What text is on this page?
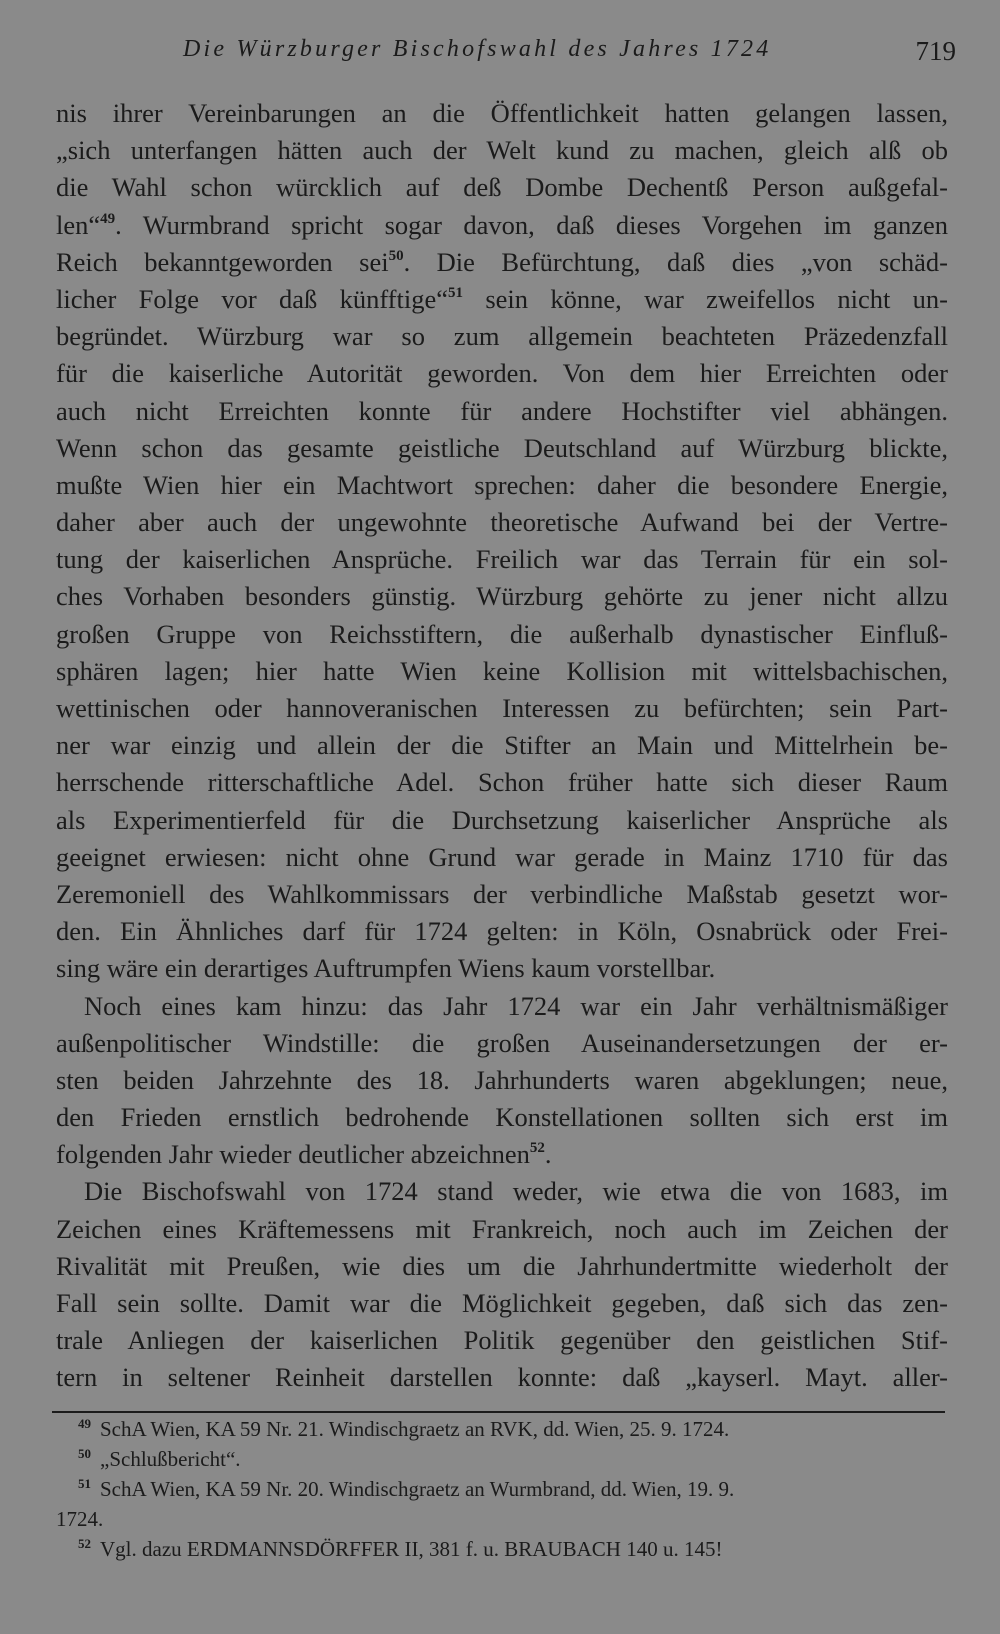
Die Würzburger Bischofswahl des Jahres 1724	719
nis ihrer Vereinbarungen an die Öffentlichkeit hatten gelangen lassen,
„sich unterfangen hätten auch der Welt kund zu machen, gleich alß ob
die Wahl schon würcklich auf deß Dombe Dechentß Person außgefal-
len“$^{49}$. Wurmbrand spricht sogar davon, daß dieses Vorgehen im ganzen
Reich bekanntgeworden sei$^{50}$. Die Befürchtung, daß dies „von schäd-
licher Folge vor daß künfftige“$^{51}$ sein könne, war zweifellos nicht un-
begründet. Würzburg war so zum allgemein beachteten Präzedenzfall
für die kaiserliche Autorität geworden. Von dem hier Erreichten oder
auch nicht Erreichten konnte für andere Hochstifter viel abhängen.
Wenn schon das gesamte geistliche Deutschland auf Würzburg blickte,
mußte Wien hier ein Machtwort sprechen: daher die besondere Energie,
daher aber auch der ungewohnte theoretische Aufwand bei der Vertre-
tung der kaiserlichen Ansprüche. Freilich war das Terrain für ein sol-
ches Vorhaben besonders günstig. Würzburg gehörte zu jener nicht allzu
großen Gruppe von Reichsstiftern, die außerhalb dynastischer Einfluß-
sphären lagen; hier hatte Wien keine Kollision mit wittelsbachischen,
wettinischen oder hannoveranischen Interessen zu befürchten; sein Part-
ner war einzig und allein der die Stifter an Main und Mittelrhein be-
herrschende ritterschaftliche Adel. Schon früher hatte sich dieser Raum
als Experimentierfeld für die Durchsetzung kaiserlicher Ansprüche als
geeignet erwiesen: nicht ohne Grund war gerade in Mainz 1710 für das
Zeremoniell des Wahlkommissars der verbindliche Maßstab gesetzt wor-
den. Ein Ähnliches darf für 1724 gelten: in Köln, Osnabrück oder Frei-
sing wäre ein derartiges Auftrumpfen Wiens kaum vorstellbar.
Noch eines kam hinzu: das Jahr 1724 war ein Jahr verhältnismäßiger
außenpolitischer Windstille: die großen Auseinandersetzungen der er-
sten beiden Jahrzehnte des 18. Jahrhunderts waren abgeklungen; neue,
den Frieden ernstlich bedrohende Konstellationen sollten sich erst im
folgenden Jahr wieder deutlicher abzeichnen$^{52}$.
Die Bischofswahl von 1724 stand weder, wie etwa die von 1683, im
Zeichen eines Kräftemessens mit Frankreich, noch auch im Zeichen der
Rivalität mit Preußen, wie dies um die Jahrhundertmitte wiederholt der
Fall sein sollte. Damit war die Möglichkeit gegeben, daß sich das zen-
trale Anliegen der kaiserlichen Politik gegenüber den geistlichen Stif-
tern in seltener Reinheit darstellen konnte: daß „kayserl. Mayt. aller-
49 SchA Wien, KA 59 Nr. 21. Windischgraetz an RVK, dd. Wien, 25. 9. 1724.
50 „Schlußbericht“.
51 SchA Wien, KA 59 Nr. 20. Windischgraetz an Wurmbrand, dd. Wien, 19. 9.
1724.
52 Vgl. dazu ERDMANNSDÖRFFER II, 381 f. u. BRAUBACH 140 u. 145!
